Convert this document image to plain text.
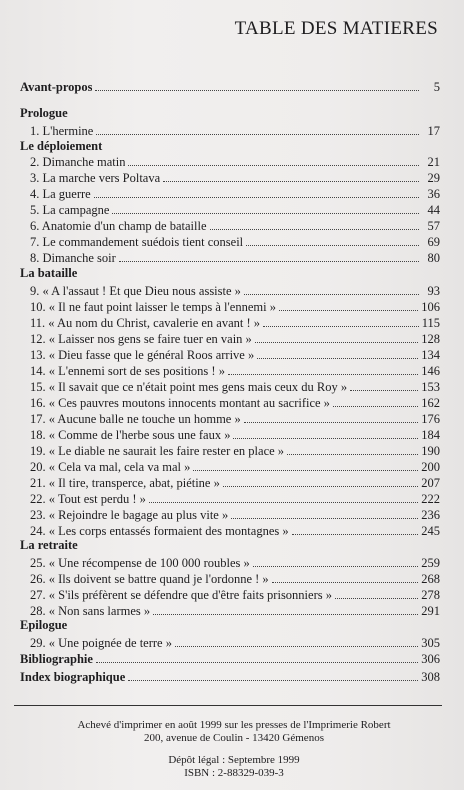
TABLE DES MATIERES
Avant-propos	5
Prologue
1. L'hermine	17
Le déploiement
2. Dimanche matin	21
3. La marche vers Poltava	29
4. La guerre	36
5. La campagne	44
6. Anatomie d'un champ de bataille	57
7. Le commandement suédois tient conseil	69
8. Dimanche soir	80
La bataille
9. « A l'assaut ! Et que Dieu nous assiste »	93
10. « Il ne faut point laisser le temps à l'ennemi »	106
11. « Au nom du Christ, cavalerie en avant ! »	115
12. « Laisser nos gens se faire tuer en vain »	128
13. « Dieu fasse que le général Roos arrive »	134
14. « L'ennemi sort de ses positions ! »	146
15. « Il savait que ce n'était point mes gens mais ceux du Roy »	153
16. « Ces pauvres moutons innocents montant au sacrifice »	162
17. « Aucune balle ne touche un homme »	176
18. « Comme de l'herbe sous une faux »	184
19. « Le diable ne saurait les faire rester en place »	190
20. « Cela va mal, cela va mal »	200
21. « Il tire, transperce, abat, piétine »	207
22. « Tout est perdu ! »	222
23. « Rejoindre le bagage au plus vite »	236
24. « Les corps entassés formaient des montagnes »	245
La retraite
25. « Une récompense de 100 000 roubles »	259
26. « Ils doivent se battre quand je l'ordonne ! »	268
27. « S'ils préfèrent se défendre que d'être faits prisonniers »	278
28. « Non sans larmes »	291
Epilogue
29. « Une poignée de terre »	305
Bibliographie	306
Index biographique	308
Achevé d'imprimer en août 1999 sur les presses de l'Imprimerie Robert
200, avenue de Coulin - 13420 Gémenos
Dépôt légal : Septembre 1999
ISBN : 2-88329-039-3
